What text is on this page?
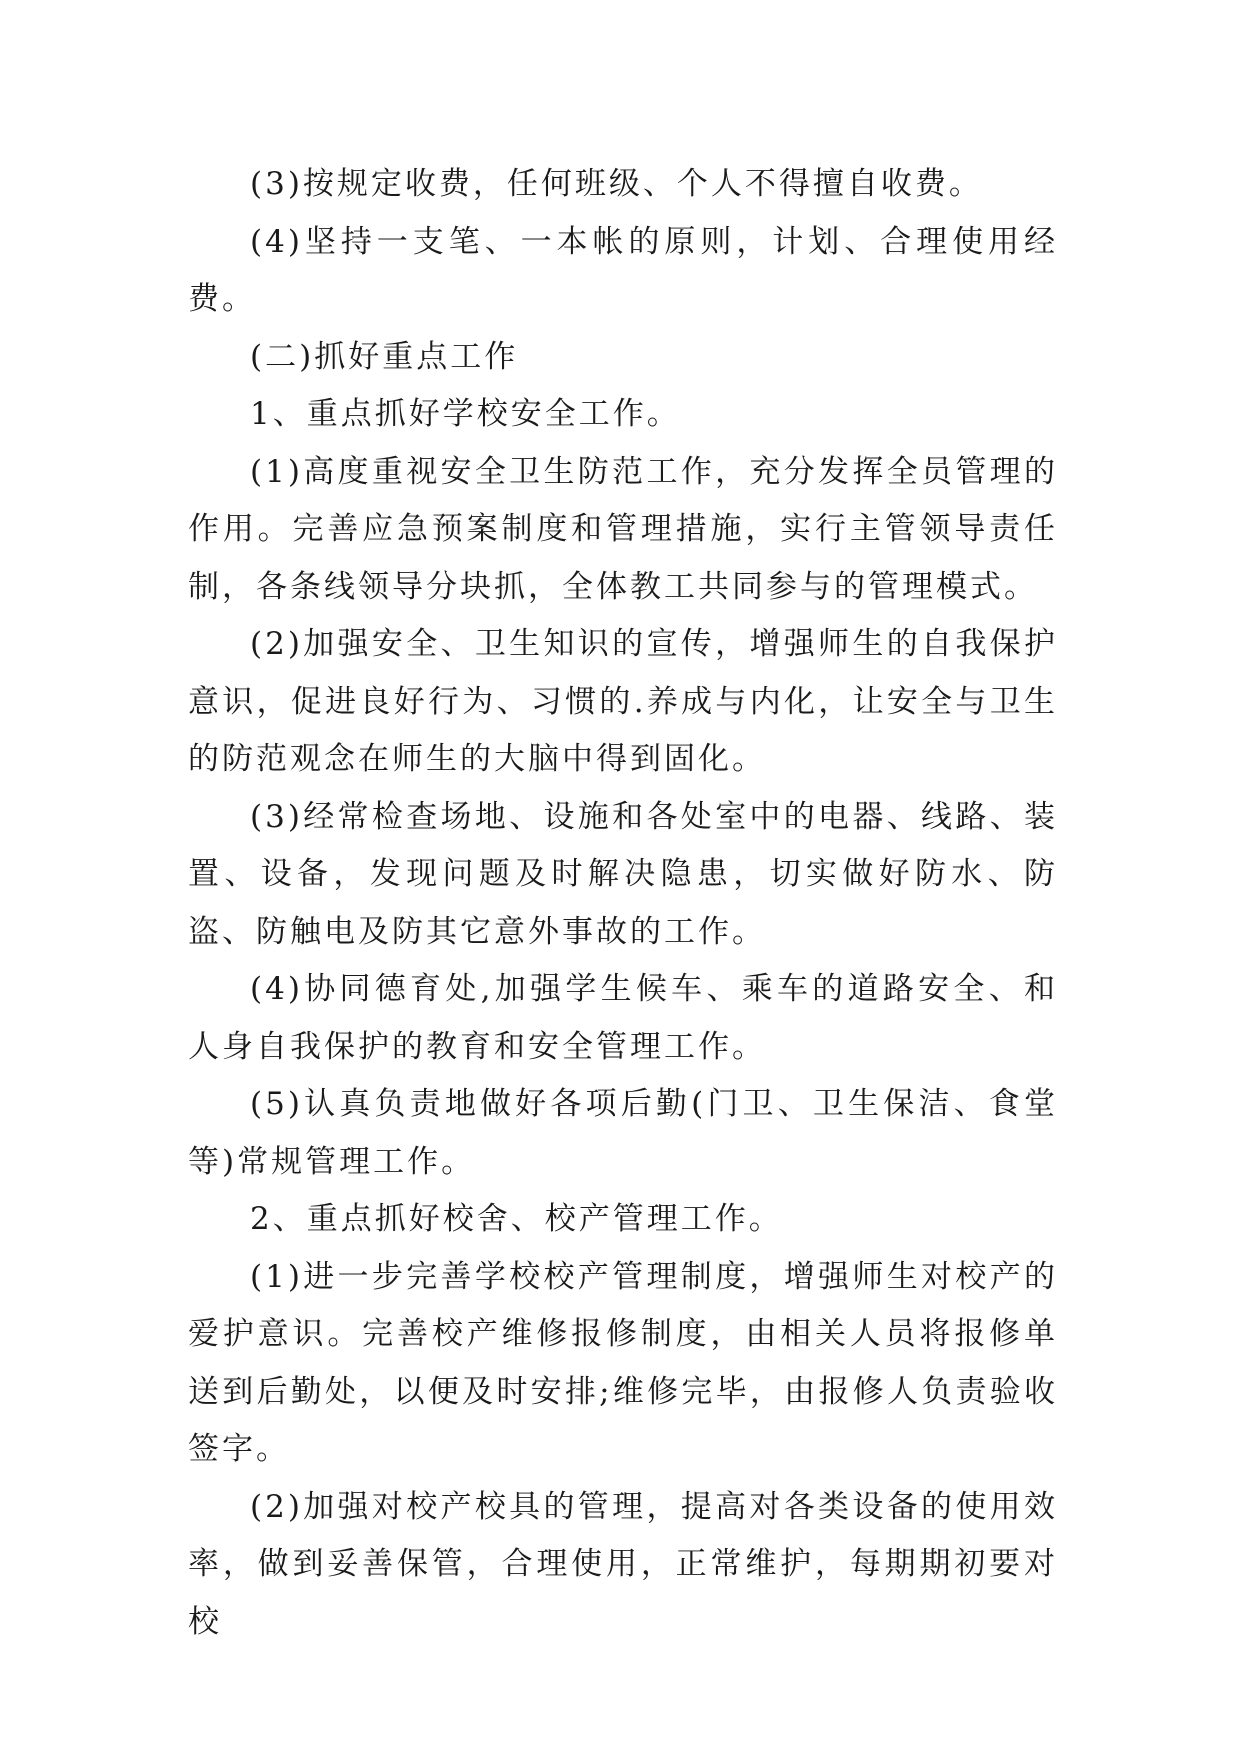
(3)按规定收费，任何班级、个人不得擅自收费。

(4)坚持一支笔、一本帐的原则，计划、合理使用经费。

(二)抓好重点工作

1、重点抓好学校安全工作。

(1)高度重视安全卫生防范工作，充分发挥全员管理的作用。完善应急预案制度和管理措施，实行主管领导责任制，各条线领导分块抓，全体教工共同参与的管理模式。

(2)加强安全、卫生知识的宣传，增强师生的自我保护意识，促进良好行为、习惯的.养成与内化，让安全与卫生的防范观念在师生的大脑中得到固化。

(3)经常检查场地、设施和各处室中的电器、线路、装置、设备，发现问题及时解决隐患，切实做好防水、防盗、防触电及防其它意外事故的工作。

(4)协同德育处,加强学生候车、乘车的道路安全、和人身自我保护的教育和安全管理工作。

(5)认真负责地做好各项后勤(门卫、卫生保洁、食堂等)常规管理工作。

2、重点抓好校舍、校产管理工作。

(1)进一步完善学校校产管理制度，增强师生对校产的爱护意识。完善校产维修报修制度，由相关人员将报修单送到后勤处，以便及时安排;维修完毕，由报修人负责验收签字。

(2)加强对校产校具的管理，提高对各类设备的使用效率，做到妥善保管，合理使用，正常维护，每期期初要对校
